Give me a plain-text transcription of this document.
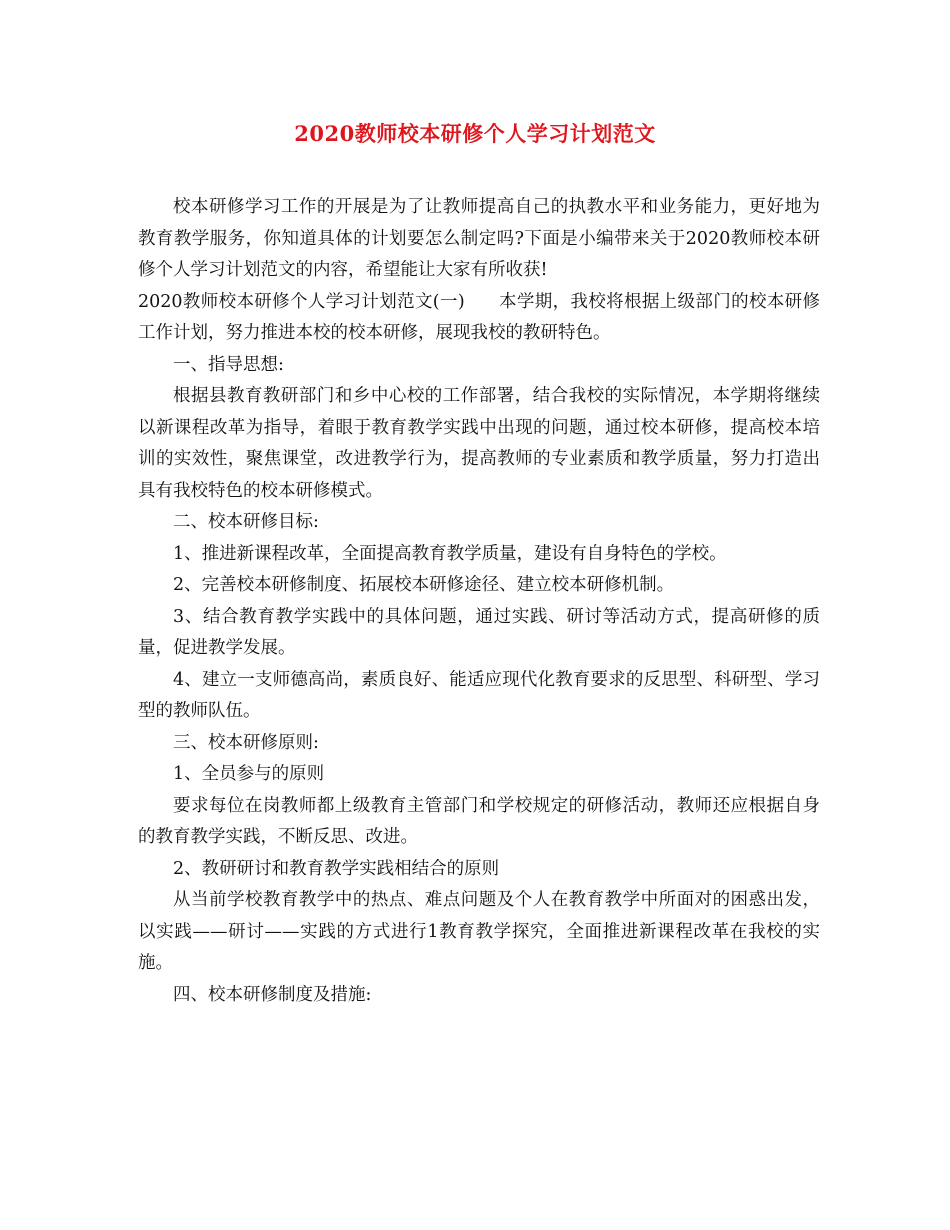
2020教师校本研修个人学习计划范文

校本研修学习工作的开展是为了让教师提高自己的执教水平和业务能力，更好地为教育教学服务，你知道具体的计划要怎么制定吗?下面是小编带来关于2020教师校本研修个人学习计划范文的内容，希望能让大家有所收获!

2020教师校本研修个人学习计划范文(一) 本学期，我校将根据上级部门的校本研修工作计划，努力推进本校的校本研修，展现我校的教研特色。

一、指导思想:

根据县教育教研部门和乡中心校的工作部署，结合我校的实际情况，本学期将继续以新课程改革为指导，着眼于教育教学实践中出现的问题，通过校本研修，提高校本培训的实效性，聚焦课堂，改进教学行为，提高教师的专业素质和教学质量，努力打造出具有我校特色的校本研修模式。

二、校本研修目标:

1、推进新课程改革，全面提高教育教学质量，建设有自身特色的学校。

2、完善校本研修制度、拓展校本研修途径、建立校本研修机制。

3、结合教育教学实践中的具体问题，通过实践、研讨等活动方式，提高研修的质量，促进教学发展。

4、建立一支师德高尚，素质良好、能适应现代化教育要求的反思型、科研型、学习型的教师队伍。

三、校本研修原则:

1、全员参与的原则

要求每位在岗教师都上级教育主管部门和学校规定的研修活动，教师还应根据自身的教育教学实践，不断反思、改进。

2、教研研讨和教育教学实践相结合的原则

从当前学校教育教学中的热点、难点问题及个人在教育教学中所面对的困惑出发，以实践——研讨——实践的方式进行1教育教学探究，全面推进新课程改革在我校的实施。

四、校本研修制度及措施:
